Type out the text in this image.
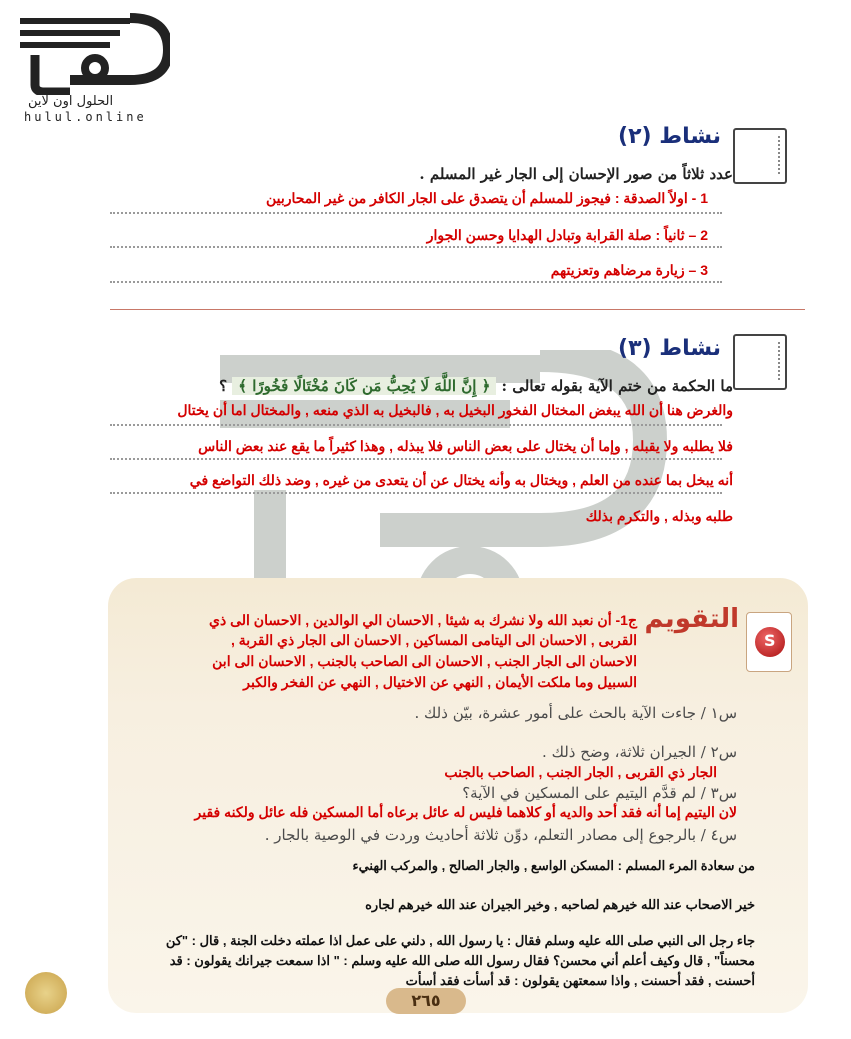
الحلول اون لاين
hulul.online
نشاط (٢)
عدد ثلاثاً من صور الإحسان إلى الجار غير المسلم .
1 - اولاً الصدقة : فيجوز للمسلم أن يتصدق على الجار الكافر من غير المحاربين
2 – ثانياً : صلة القرابة وتبادل الهدايا وحسن الجوار
3 – زيارة مرضاهم وتعزيتهم
نشاط (٣)
ما الحكمة من ختم الآية بقوله تعالى : ﴿ إِنَّ اللَّهَ لَا يُحِبُّ مَن كَانَ مُخْتَالًا فَخُورًا ﴾ ؟
والغرض هنا أن الله يبغض المختال الفخور البخيل به , فالبخيل به الذي منعه , والمختال اما أن يختال
فلا يطلبه ولا يقبله , وإما أن يختال على بعض الناس فلا يبذله , وهذا كثيراً ما يقع عند بعض الناس
أنه يبخل بما عنده من العلم , ويختال به وأنه يختال عن أن يتعدى من غيره , وضد ذلك التواضع في
طلبه وبذله , والتكرم بذلك
S
التقويم
ج1- أن نعبد الله ولا نشرك به شيئا , الاحسان الي الوالدين , الاحسان الى ذي
القربى , الاحسان الى اليتامى المساكين , الاحسان الى الجار ذي القربة ,
الاحسان الى الجار الجنب , الاحسان الى الصاحب بالجنب , الاحسان الى ابن
السبيل وما ملكت الأيمان , النهي عن الاختيال , النهي عن الفخر والكبر
س١ / جاءت الآية بالحث على أمور عشرة، بيّن ذلك .
س٢ / الجيران ثلاثة، وضح ذلك .
الجار ذي القربى , الجار الجنب , الصاحب بالجنب
س٣ / لم قدَّم اليتيم على المسكين في الآية؟
لان اليتيم إما أنه فقد أحد والديه أو كلاهما فليس له عائل برعاه أما المسكين فله عائل ولكنه فقير
س٤ / بالرجوع إلى مصادر التعلم، دوِّن ثلاثة أحاديث وردت في الوصية بالجار .
من سعادة المرء المسلم : المسكن الواسع , والجار الصالح , والمركب الهنيء
خير الاصحاب عند الله خيرهم لصاحبه , وخير الجيران عند الله خيرهم لجاره
جاء رجل الى النبي صلى الله عليه وسلم فقال : يا رسول الله , دلني على عمل اذا عملته دخلت الجنة , قال : "كن
محسناً" , قال وكيف أعلم أني محسن؟ فقال رسول الله صلى الله عليه وسلم : " اذا سمعت جيرانك يقولون : قد
أحسنت , فقد أحسنت , واذا سمعتهن يقولون : قد أسأت فقد أسأت
٢٦٥
